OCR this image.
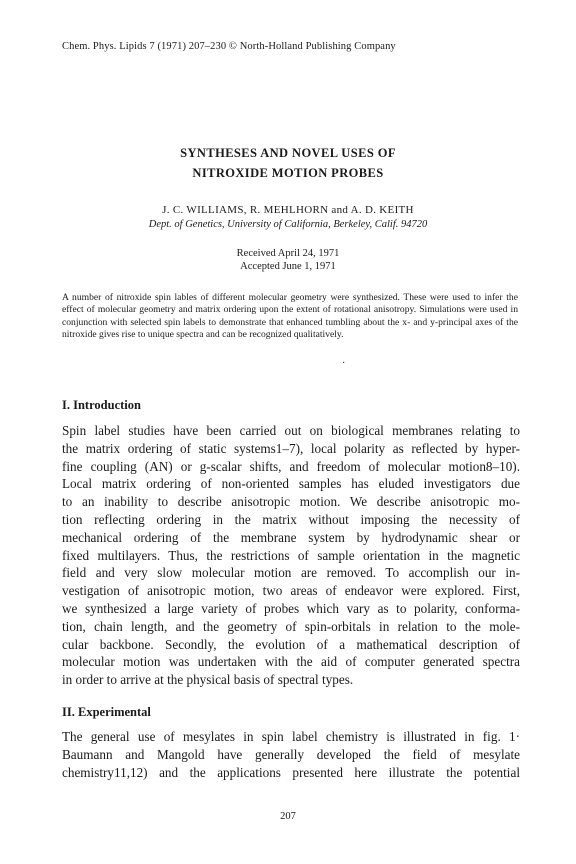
Chem. Phys. Lipids 7 (1971) 207–230 © North-Holland Publishing Company
SYNTHESES AND NOVEL USES OF
NITROXIDE MOTION PROBES
J. C. WILLIAMS, R. MEHLHORN and A. D. KEITH
Dept. of Genetics, University of California, Berkeley, Calif. 94720
Received April 24, 1971
Accepted June 1, 1971
A number of nitroxide spin lables of different molecular geometry were synthesized. These were used to infer the effect of molecular geometry and matrix ordering upon the extent of rotational anisotropy. Simulations were used in conjunction with selected spin labels to demonstrate that enhanced tumbling about the x- and y-principal axes of the nitroxide gives rise to unique spectra and can be recognized qualitatively.
·
I. Introduction
Spin label studies have been carried out on biological membranes relating to
the matrix ordering of static systems1–7), local polarity as reflected by hyper-
fine coupling (AN) or g-scalar shifts, and freedom of molecular motion8–10).
Local matrix ordering of non-oriented samples has eluded investigators due
to an inability to describe anisotropic motion. We describe anisotropic mo-
tion reflecting ordering in the matrix without imposing the necessity of
mechanical ordering of the membrane system by hydrodynamic shear or
fixed multilayers. Thus, the restrictions of sample orientation in the magnetic
field and very slow molecular motion are removed. To accomplish our in-
vestigation of anisotropic motion, two areas of endeavor were explored. First,
we synthesized a large variety of probes which vary as to polarity, conforma-
tion, chain length, and the geometry of spin-orbitals in relation to the mole-
cular backbone. Secondly, the evolution of a mathematical description of
molecular motion was undertaken with the aid of computer generated spectra
in order to arrive at the physical basis of spectral types.
II. Experimental
The general use of mesylates in spin label chemistry is illustrated in fig. 1·
Baumann and Mangold have generally developed the field of mesylate
chemistry11,12) and the applications presented here illustrate the potential
207
